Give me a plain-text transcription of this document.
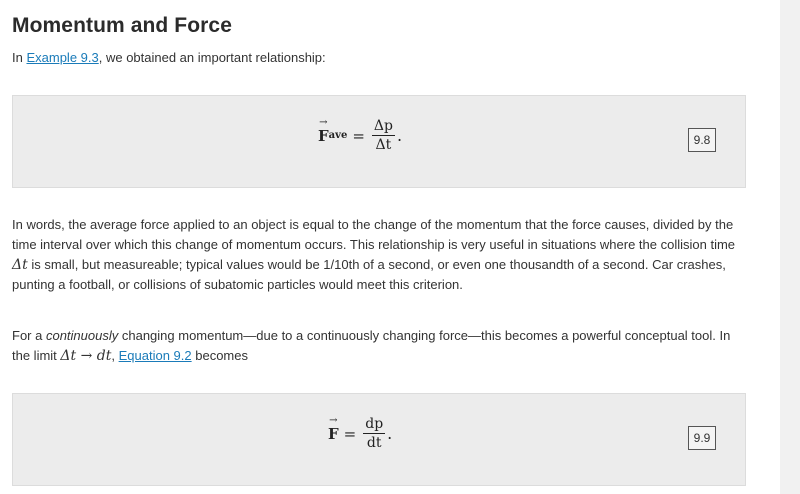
Momentum and Force
In Example 9.3, we obtained an important relationship:
→ F ave = $\frac{\Delta p}{\Delta t}$ .	9.8

In words, the average force applied to an object is equal to the change of the momentum that the force causes, divided by the time interval over which this change of momentum occurs. This relationship is very useful in situations where the collision time Δt is small, but measureable; typical values would be 1/10th of a second, or even one thousandth of a second. Car crashes, punting a football, or collisions of subatomic particles would meet this criterion.

For a continuously changing momentum—due to a continuously changing force—this becomes a powerful conceptual tool. In the limit Δt → dt, Equation 9.2 becomes

→ $F = \frac{dp}{dt}$ .	9.9
